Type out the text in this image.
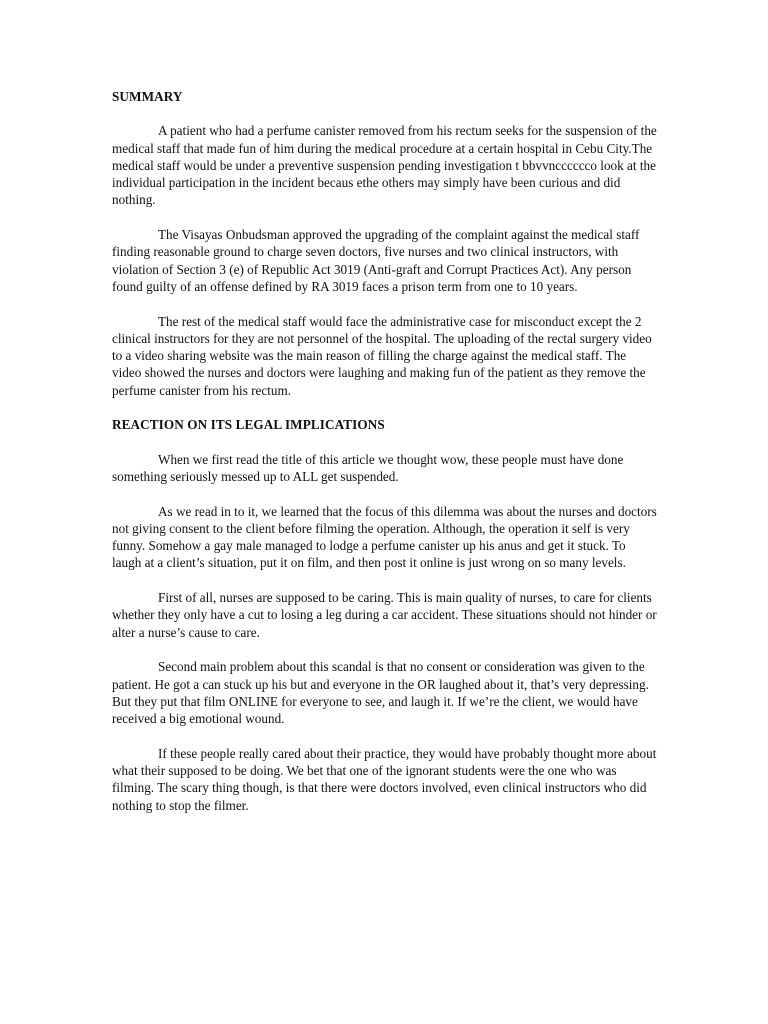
SUMMARY

A patient who had a perfume canister removed from his rectum seeks for the suspension of the medical staff that made fun of him during the medical procedure at a certain hospital in Cebu City.The medical staff would be under a preventive suspension pending investigation t bbvvncccccco look at the individual participation in the incident becaus ethe others may simply have been curious and did nothing.

The Visayas Onbudsman approved the upgrading of the complaint against the medical staff finding reasonable ground to charge seven doctors, five nurses and two clinical instructors, with violation of Section 3 (e) of Republic Act 3019 (Anti-graft and Corrupt Practices Act). Any person found guilty of an offense defined by RA 3019 faces a prison term from one to 10 years.

The rest of the medical staff would face the administrative case for misconduct except the 2 clinical instructors for they are not personnel of the hospital. The uploading of the rectal surgery video to a video sharing website was the main reason of filling the charge against the medical staff. The video showed the nurses and doctors were laughing and making fun of the patient as they remove the perfume canister from his rectum.

REACTION ON ITS LEGAL IMPLICATIONS

When we first read the title of this article we thought wow, these people must have done something seriously messed up to ALL get suspended.

As we read in to it, we learned that the focus of this dilemma was about the nurses and doctors not giving consent to the client before filming the operation. Although, the operation it self is very funny. Somehow a gay male managed to lodge a perfume canister up his anus and get it stuck. To laugh at a client’s situation, put it on film, and then post it online is just wrong on so many levels.

First of all, nurses are supposed to be caring. This is main quality of nurses, to care for clients whether they only have a cut to losing a leg during a car accident. These situations should not hinder or alter a nurse’s cause to care.

Second main problem about this scandal is that no consent or consideration was given to the patient. He got a can stuck up his but and everyone in the OR laughed about it, that’s very depressing. But they put that film ONLINE for everyone to see, and laugh it. If we’re the client, we would have received a big emotional wound.

If these people really cared about their practice, they would have probably thought more about what their supposed to be doing. We bet that one of the ignorant students were the one who was filming. The scary thing though, is that there were doctors involved, even clinical instructors who did nothing to stop the filmer.
